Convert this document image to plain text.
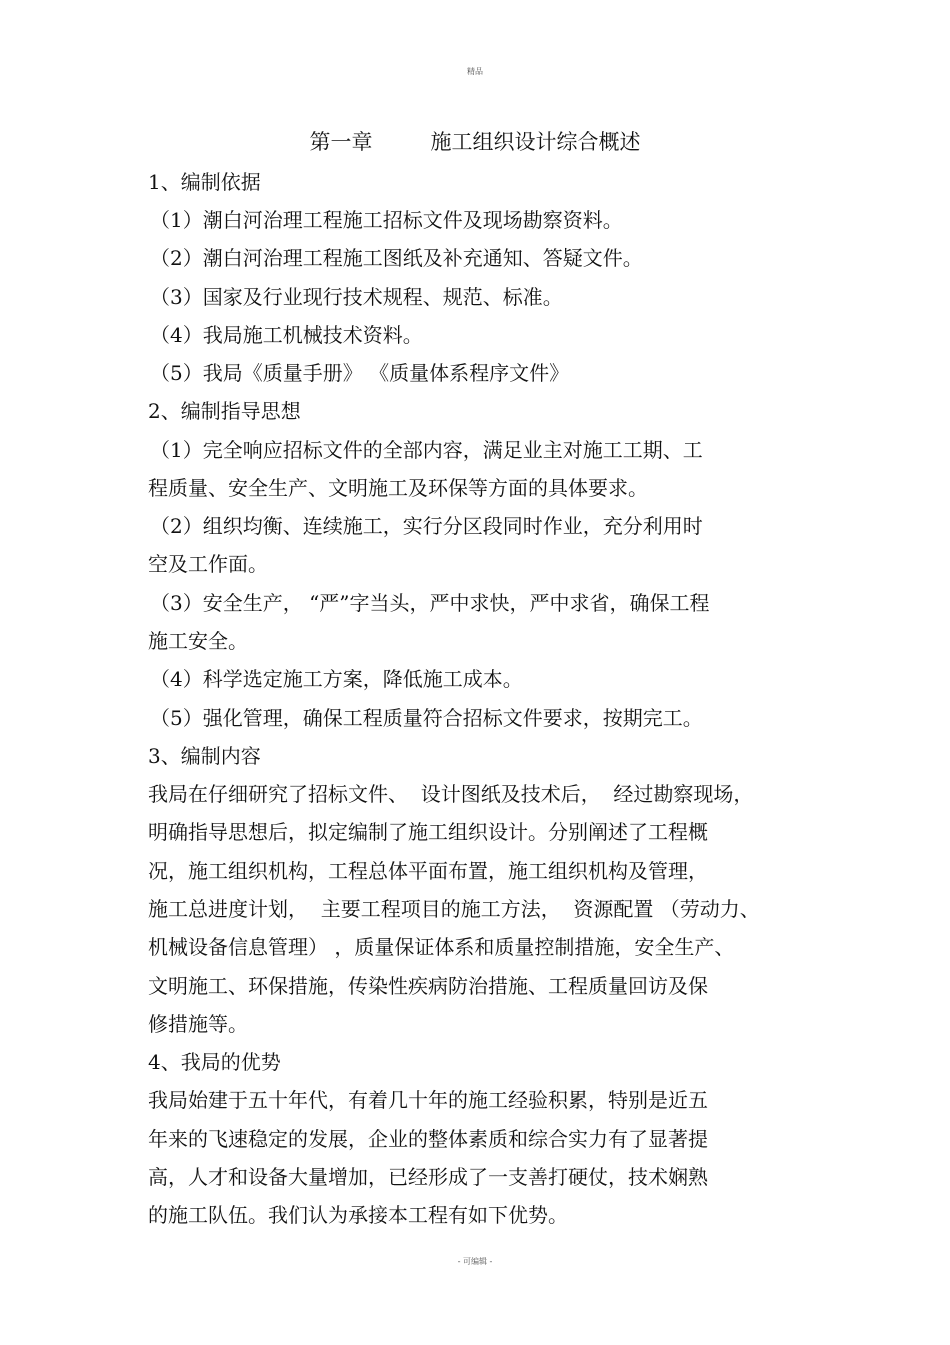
精品
第一章	施工组织设计综合概述
1、编制依据
（1）潮白河治理工程施工招标文件及现场勘察资料。
（2）潮白河治理工程施工图纸及补充通知、答疑文件。
（3）国家及行业现行技术规程、规范、标准。
（4）我局施工机械技术资料。
（5）我局《质量手册》 《质量体系程序文件》
2、编制指导思想
（1）完全响应招标文件的全部内容，满足业主对施工工期、工
程质量、安全生产、文明施工及环保等方面的具体要求。
（2）组织均衡、连续施工，实行分区段同时作业，充分利用时
空及工作面。
（3）安全生产， “严”字当头，严中求快，严中求省，确保工程
施工安全。
（4）科学选定施工方案，降低施工成本。
（5）强化管理，确保工程质量符合招标文件要求，按期完工。
3、编制内容
我局在仔细研究了招标文件、  设计图纸及技术后，  经过勘察现场，
明确指导思想后，拟定编制了施工组织设计。分别阐述了工程概
况，施工组织机构，工程总体平面布置，施工组织机构及管理，
施工总进度计划，  主要工程项目的施工方法，  资源配置 （劳动力、
机械设备信息管理） ，质量保证体系和质量控制措施，安全生产、
文明施工、环保措施，传染性疾病防治措施、工程质量回访及保
修措施等。
4、我局的优势
我局始建于五十年代，有着几十年的施工经验积累，特别是近五
年来的飞速稳定的发展，企业的整体素质和综合实力有了显著提
高，人才和设备大量增加，已经形成了一支善打硬仗，技术娴熟
的施工队伍。我们认为承接本工程有如下优势。
- 可编辑 -
